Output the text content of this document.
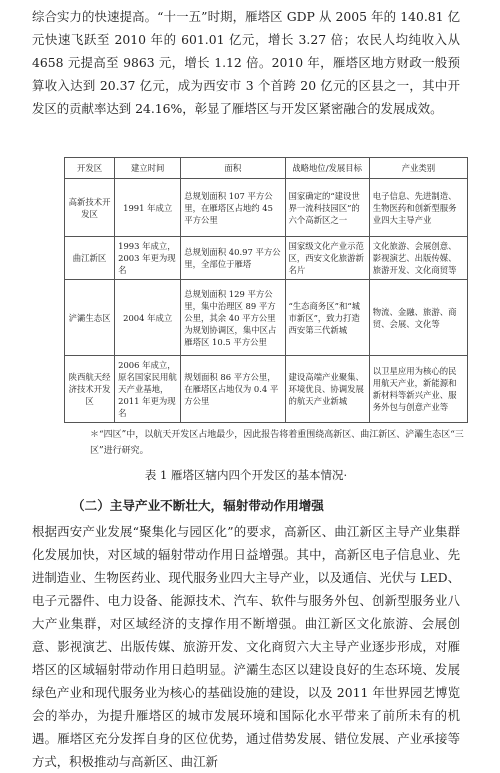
综合实力的快速提高。“十一五”时期，雁塔区 GDP 从 2005 年的 140.81 亿元快速飞跃至 2010 年的 601.01 亿元，增长 3.27 倍；农民人均纯收入从 4658 元提高至 9863 元，增长 1.12 倍。2010 年，雁塔区地方财政一般预算收入达到 20.37 亿元，成为西安市 3 个首跨 20 亿元的区县之一，其中开发区的贡献率达到 24.16%，彰显了雁塔区与开发区紧密融合的发展成效。

开发区	建立时间	面积	战略地位/发展目标	产业类别
高新技术开发区	1991 年成立	总规划面积 107 平方公里，在雁塔区占地约 45 平方公里	国家确定的“建设世界一流科技园区”的六个高新区之一	电子信息、先进制造、生物医药和创新型服务业四大主导产业
曲江新区	1993 年成立，2003 年更为现名	总规划面积 40.97 平方公里，全部位于雁塔	国家级文化产业示范区，西安文化旅游新名片	文化旅游、会展创意、影视演艺、出版传媒、旅游开发、文化商贸等
浐灞生态区	2004 年成立	总规划面积 129 平方公里，集中治理区 89 平方公里，其余 40 平方公里为规划协调区，集中区占雁塔区 10.5 平方公里	“生态商务区”和“城市新区”，致力打造西安第三代新城	物流、金融、旅游、商贸、会展、文化等
陕西航天经济技术开发区	2006 年成立，原名国家民用航天产业基地，2011 年更为现名	规划面积 86 平方公里，在雁塔区占地仅为 0.4 平方公里	建设高端产业聚集、环境优良、协调发展的航天产业新城	以卫星应用为核心的民用航天产业，新能源和新材料等新兴产业、服务外包与创意产业等

＊“四区”中，以航天开发区占地最少，因此报告将着重围绕高新区、曲江新区、浐灞生态区“三区”进行研究。

表 1 雁塔区辖内四个开发区的基本情况·

（二）主导产业不断壮大，辐射带动作用增强

根据西安产业发展“聚集化与园区化”的要求，高新区、曲江新区主导产业集群化发展加快，对区域的辐射带动作用日益增强。其中，高新区电子信息业、先进制造业、生物医药业、现代服务业四大主导产业，以及通信、光伏与 LED、电子元器件、电力设备、能源技术、汽车、软件与服务外包、创新型服务业八大产业集群，对区域经济的支撑作用不断增强。曲江新区文化旅游、会展创意、影视演艺、出版传媒、旅游开发、文化商贸六大主导产业逐步形成，对雁塔区的区域辐射带动作用日趋明显。浐灞生态区以建设良好的生态环境、发展绿色产业和现代服务业为核心的基础设施的建设，以及 2011 年世界园艺博览会的举办，为提升雁塔区的城市发展环境和国际化水平带来了前所未有的机遇。雁塔区充分发挥自身的区位优势，通过借势发展、错位发展、产业承接等方式，积极推动与高新区、曲江新
